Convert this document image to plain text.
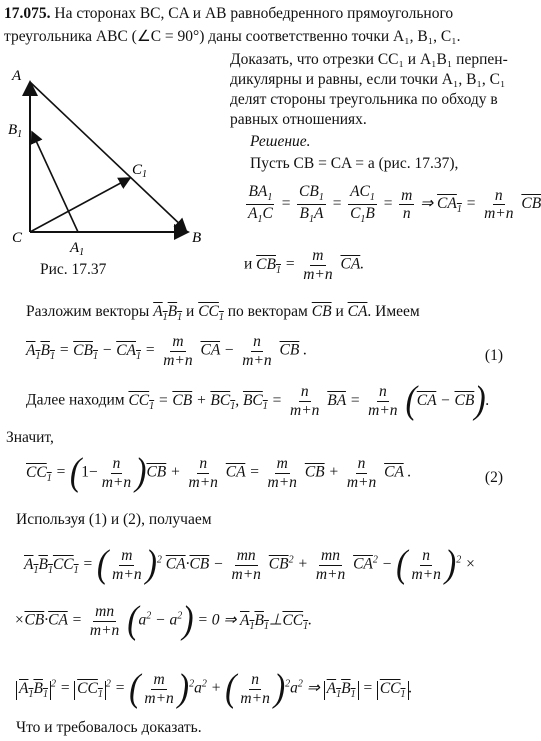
17.075. На сторонах BC, CA и AB равнобедренного прямоугольного
треугольника ABC (∠C = 90°) даны соответственно точки A₁, B₁, C₁.
Доказать, что отрезки CC₁ и A₁B₁ перпен-
дикулярны и равны, если точки A₁, B₁, C₁
делят стороны треугольника по обходу в
равных отношениях.
Решение.
Пусть CB = CA = a (рис. 17.37),
A
C	B
$B_1$
$C_1$
$A_1$
Рис. 17.37
$\frac{BA_1}{A_1C} = \frac{CB_1}{B_1A} = \frac{AC_1}{C_1B} = \frac{m}{n}$ ⇒ $CA_1 = \frac{n}{m+n} \overline{CB}$
и $CB_1 = \frac{m}{m+n} \overline{CA}$.
Разложим векторы $A_1B_1$ и $CC_1$ по векторам $\overline{CB}$ и $\overline{CA}$. Имеем
$A_1B_1 = CB_1 - CA_1 = \frac{m}{m+n} \overline{CA} - \frac{n}{m+n} \overline{CB}$ .	(1)
Далее находим $CC_1 = \overline{CB} + BC_1$, $BC_1 = \frac{n}{m+n} \overline{BA} = \frac{n}{m+n} (\overline{CA} - \overline{CB})$.
Значит,
$CC_1 = (1- \frac{n}{m+n} )\overline{CB} + \frac{n}{m+n} \overline{CA} = \frac{m}{m+n} \overline{CB} + \frac{n}{m+n} \overline{CA}$ .	(2)
Используя (1) и (2), получаем
$A_1B_1CC_1$ = ( $\frac{m}{m+n} )^2$ $\overline{CA}\cdot\overline{CB} - \frac{mn}{m+n} \overline{CB}^2 + \frac{mn}{m+n} \overline{CA}^2$ − ( $\frac{n}{m+n} )^2$ ×
$\times\overline{CB}\cdot\overline{CA} = \frac{mn}{m+n} (a^2 - a^2) = 0$ ⇒ $A_1B_1\perp CC_1$.
$A_1B_1^2 = CC_1^2$ = ( $\frac{m}{m+n} )^2a^2$ + ( $\frac{n}{m+n} )^2a^2$ ⇒ $A_1B_1 = CC_1$ .
Что и требовалось доказать.
